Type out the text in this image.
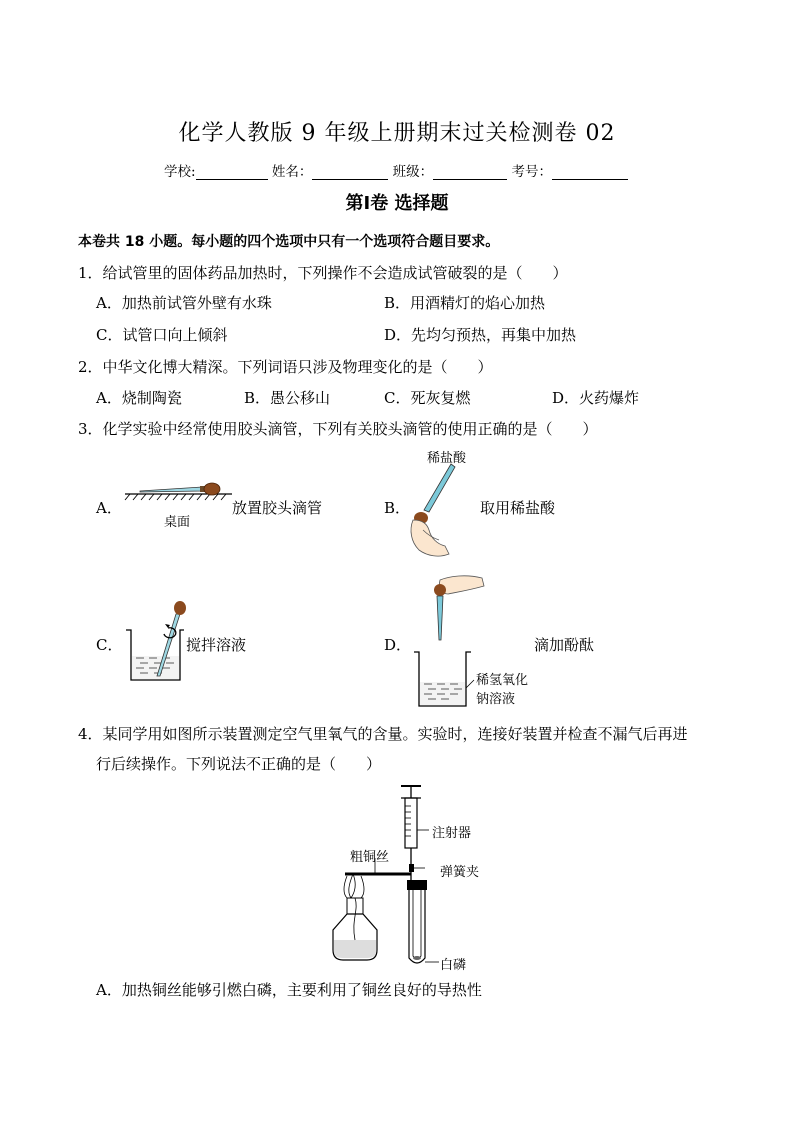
化学人教版 9 年级上册期末过关检测卷 02
学校:	姓名：	班级：	考号：
第Ⅰ卷 选择题
本卷共 18 小题。每小题的四个选项中只有一个选项符合题目要求。
1．给试管里的固体药品加热时，下列操作不会造成试管破裂的是（　　）
A．加热前试管外壁有水珠	B．用酒精灯的焰心加热
C．试管口向上倾斜	D．先均匀预热，再集中加热
2．中华文化博大精深。下列词语只涉及物理变化的是（　　）
A．烧制陶瓷	B．愚公移山	C．死灰复燃	D．火药爆炸
3．化学实验中经常使用胶头滴管，下列有关胶头滴管的使用正确的是（　　）
A．
桌面
放置胶头滴管	B．
稀盐酸
取用稀盐酸
C．	搅拌溶液	D．	滴加酚酞
稀氢氧化
钠溶液
4．某同学用如图所示装置测定空气里氧气的含量。实验时，连接好装置并检查不漏气后再进
行后续操作。下列说法不正确的是（　　）
注射器
粗铜丝
弹簧夹
白磷
A．加热铜丝能够引燃白磷，主要利用了铜丝良好的导热性
